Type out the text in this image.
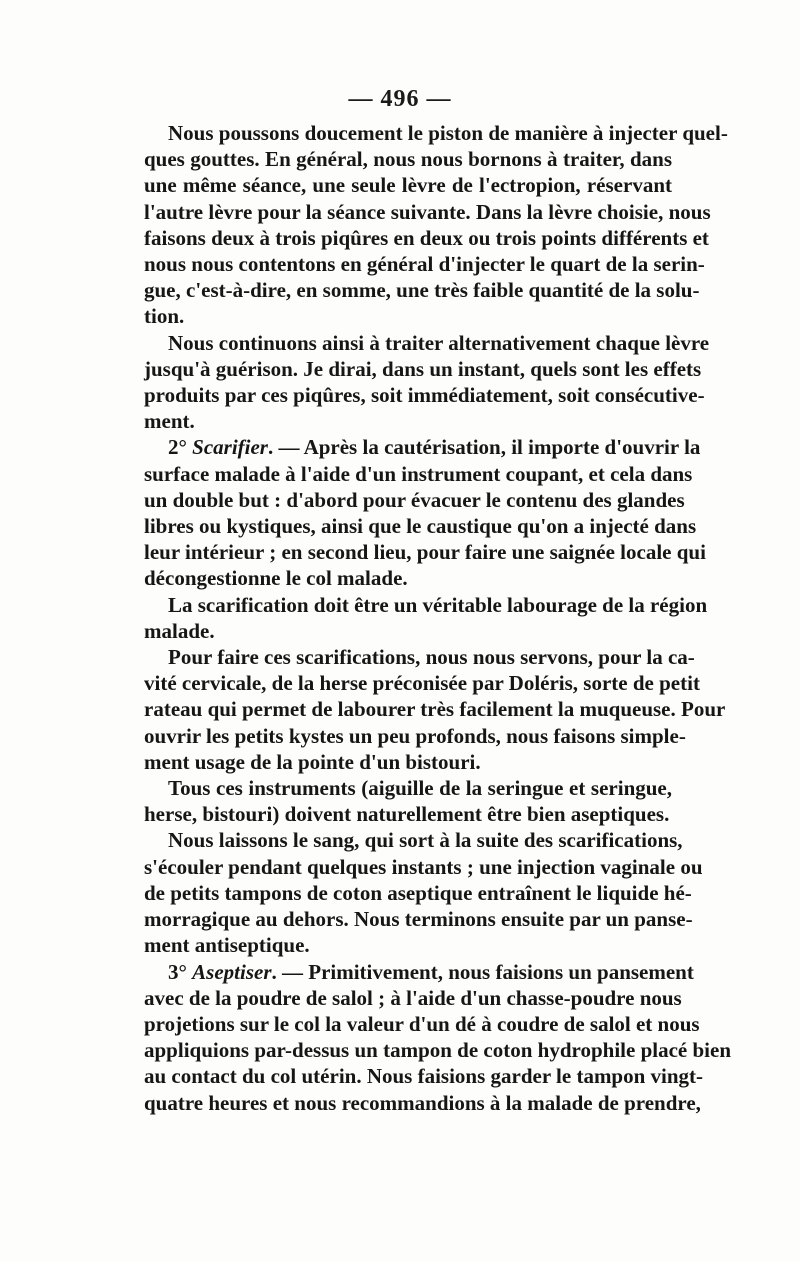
— 496 —
Nous poussons doucement le piston de manière à injecter quel-
ques gouttes. En général, nous nous bornons à traiter, dans
une même séance, une seule lèvre de l'ectropion, réservant
l'autre lèvre pour la séance suivante. Dans la lèvre choisie, nous
faisons deux à trois piqûres en deux ou trois points différents et
nous nous contentons en général d'injecter le quart de la serin-
gue, c'est-à-dire, en somme, une très faible quantité de la solu-
tion.
Nous continuons ainsi à traiter alternativement chaque lèvre
jusqu'à guérison. Je dirai, dans un instant, quels sont les effets
produits par ces piqûres, soit immédiatement, soit consécutive-
ment.
2° Scarifier. — Après la cautérisation, il importe d'ouvrir la
surface malade à l'aide d'un instrument coupant, et cela dans
un double but : d'abord pour évacuer le contenu des glandes
libres ou kystiques, ainsi que le caustique qu'on a injecté dans
leur intérieur ; en second lieu, pour faire une saignée locale qui
décongestionne le col malade.
La scarification doit être un véritable labourage de la région
malade.
Pour faire ces scarifications, nous nous servons, pour la ca-
vité cervicale, de la herse préconisée par Doléris, sorte de petit
rateau qui permet de labourer très facilement la muqueuse. Pour
ouvrir les petits kystes un peu profonds, nous faisons simple-
ment usage de la pointe d'un bistouri.
Tous ces instruments (aiguille de la seringue et seringue,
herse, bistouri) doivent naturellement être bien aseptiques.
Nous laissons le sang, qui sort à la suite des scarifications,
s'écouler pendant quelques instants ; une injection vaginale ou
de petits tampons de coton aseptique entraînent le liquide hé-
morragique au dehors. Nous terminons ensuite par un panse-
ment antiseptique.
3° Aseptiser. — Primitivement, nous faisions un pansement
avec de la poudre de salol ; à l'aide d'un chasse-poudre nous
projetions sur le col la valeur d'un dé à coudre de salol et nous
appliquions par-dessus un tampon de coton hydrophile placé bien
au contact du col utérin. Nous faisions garder le tampon vingt-
quatre heures et nous recommandions à la malade de prendre,
